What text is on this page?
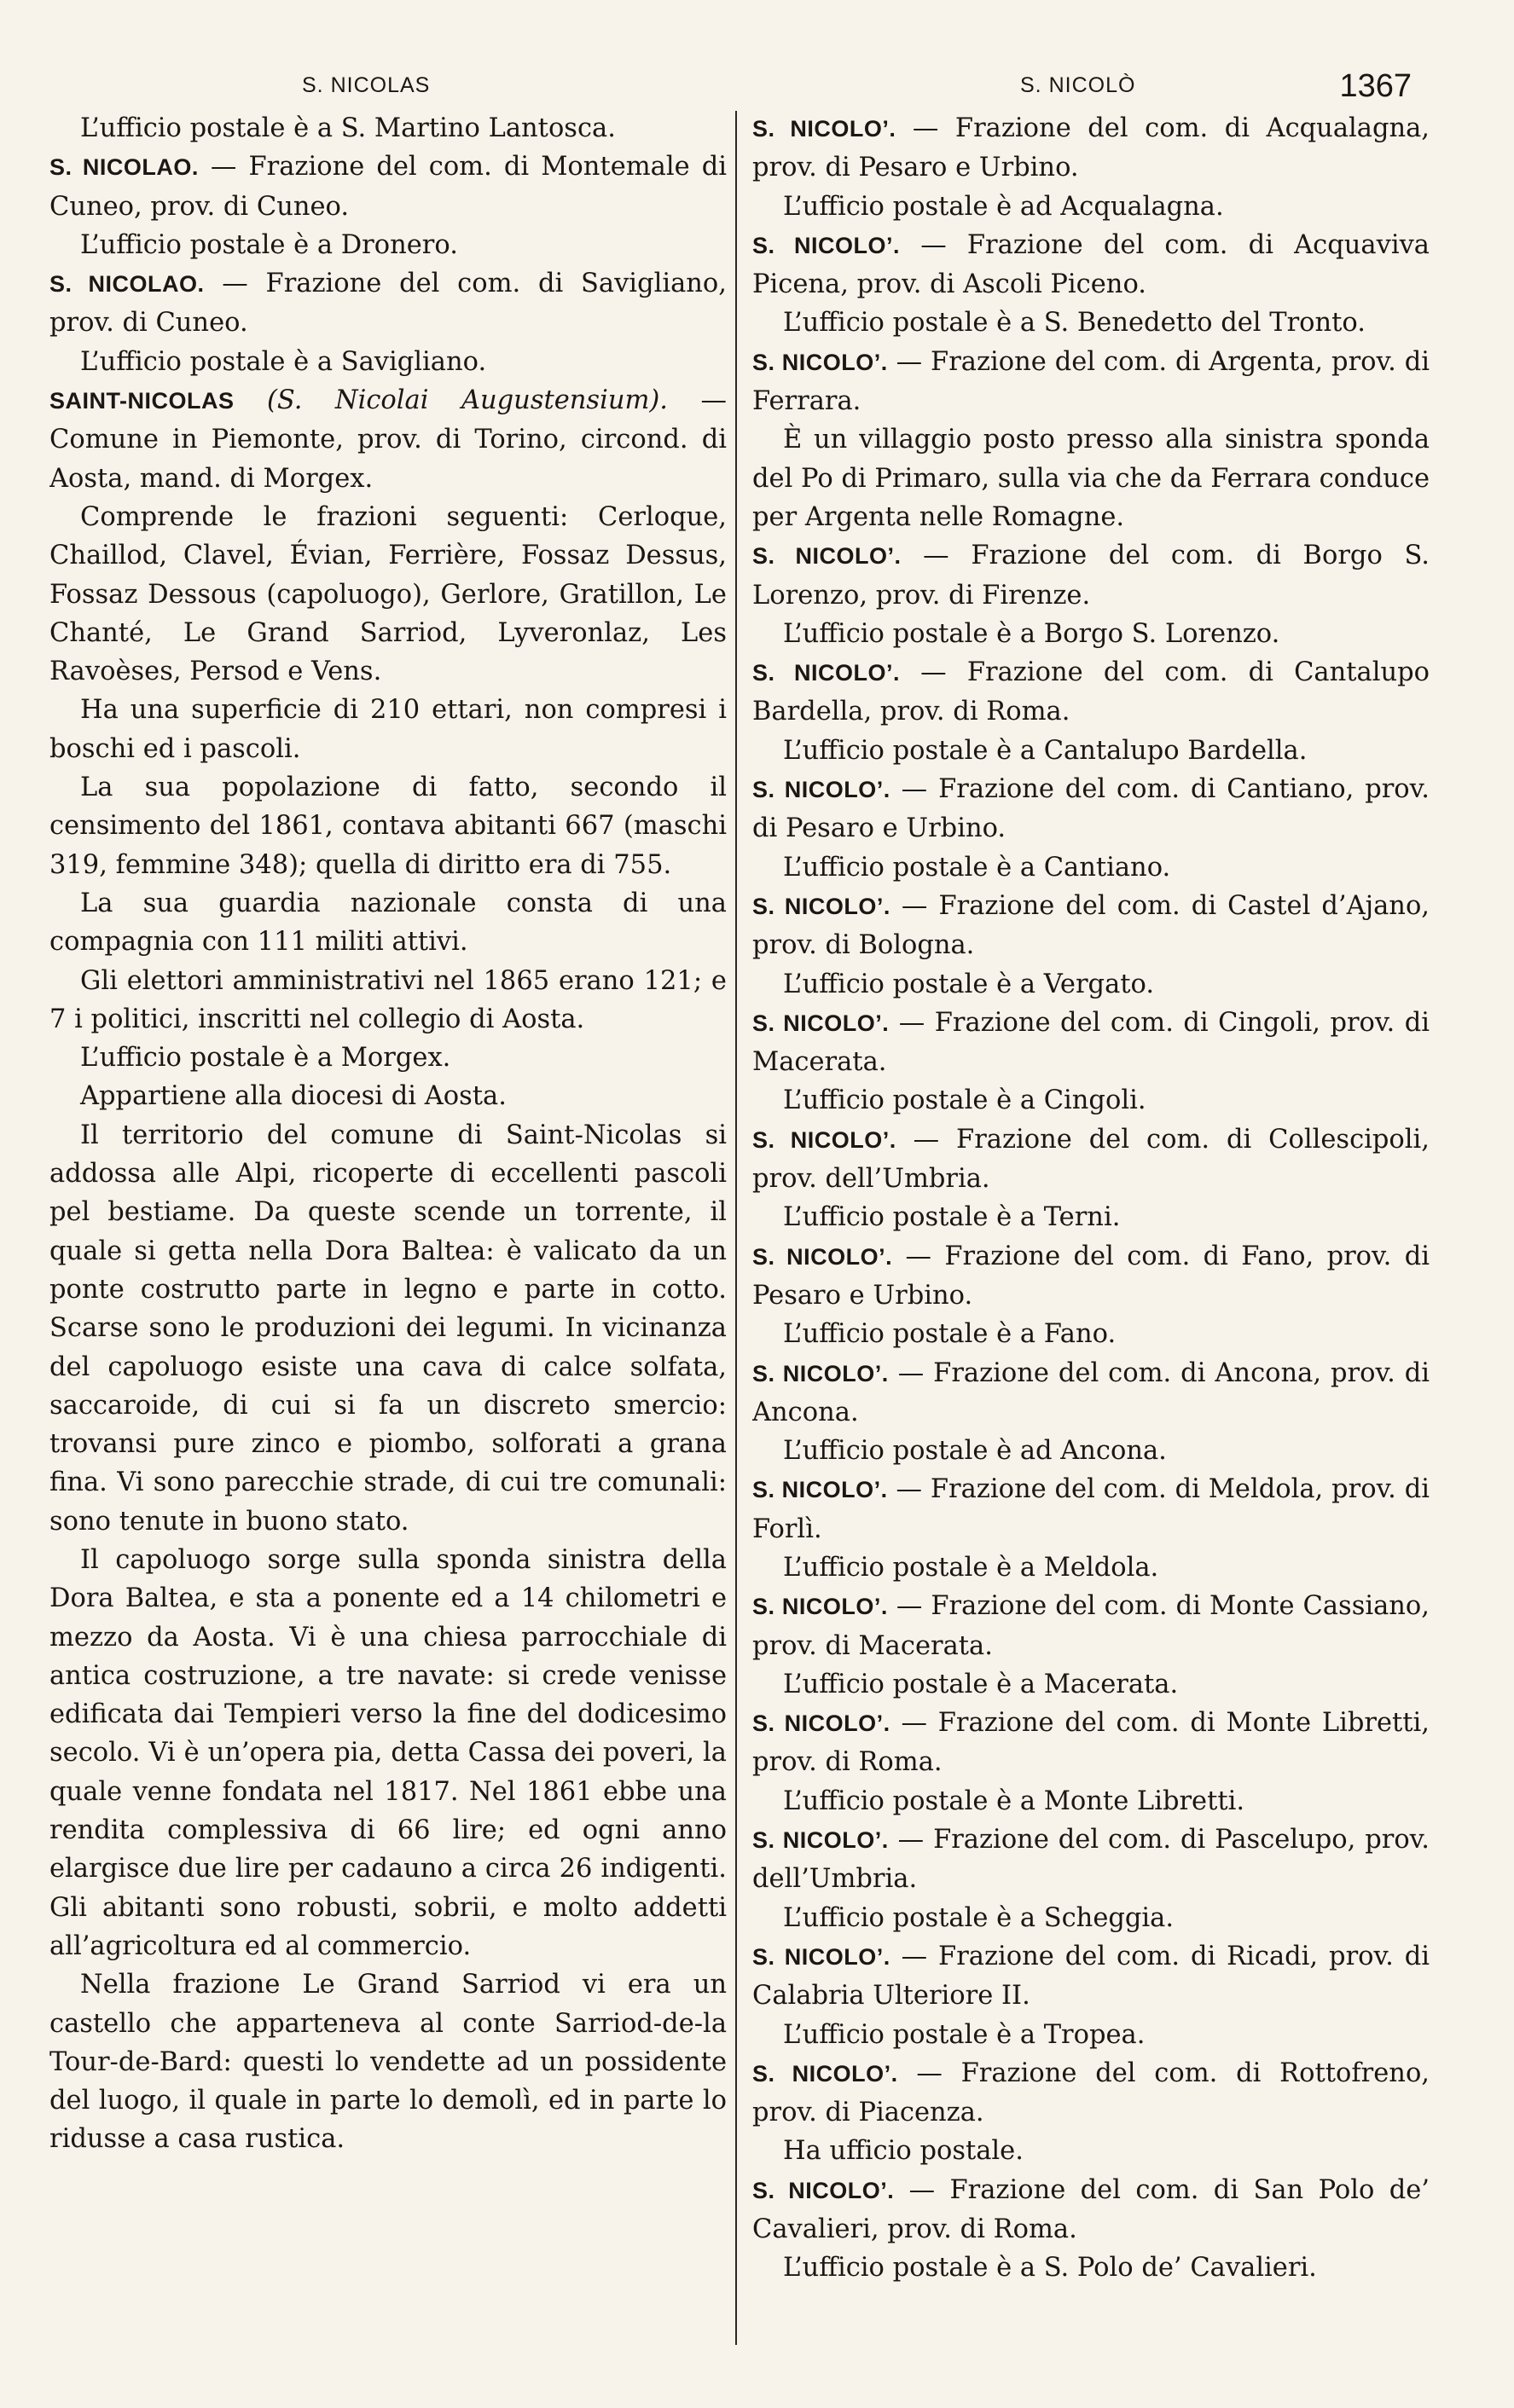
S. NICOLAS	S. NICOLÒ	1367

L’ufficio postale è a S. Martino Lantosca.

S. NICOLAO. — Frazione del com. di Montemale di Cuneo, prov. di Cuneo.

L’ufficio postale è a Dronero.

S. NICOLAO. — Frazione del com. di Savigliano, prov. di Cuneo.

L’ufficio postale è a Savigliano.

SAINT-NICOLAS (S. Nicolai Augustensium). — Comune in Piemonte, prov. di Torino, circond. di Aosta, mand. di Morgex.

Comprende le frazioni seguenti: Cerloque, Chaillod, Clavel, Évian, Ferrière, Fossaz Dessus, Fossaz Dessous (capoluogo), Gerlore, Gratillon, Le Chanté, Le Grand Sarriod, Lyveronlaz, Les Ravoèses, Persod e Vens.

Ha una superficie di 210 ettari, non compresi i boschi ed i pascoli.

La sua popolazione di fatto, secondo il censimento del 1861, contava abitanti 667 (maschi 319, femmine 348); quella di diritto era di 755.

La sua guardia nazionale consta di una compagnia con 111 militi attivi.

Gli elettori amministrativi nel 1865 erano 121; e 7 i politici, inscritti nel collegio di Aosta.

L’ufficio postale è a Morgex.

Appartiene alla diocesi di Aosta.

Il territorio del comune di Saint-Nicolas si addossa alle Alpi, ricoperte di eccellenti pascoli pel bestiame. Da queste scende un torrente, il quale si getta nella Dora Baltea: è valicato da un ponte costrutto parte in legno e parte in cotto. Scarse sono le produzioni dei legumi. In vicinanza del capoluogo esiste una cava di calce solfata, saccaroide, di cui si fa un discreto smercio: trovansi pure zinco e piombo, solforati a grana fina. Vi sono parecchie strade, di cui tre comunali: sono tenute in buono stato.

Il capoluogo sorge sulla sponda sinistra della Dora Baltea, e sta a ponente ed a 14 chilometri e mezzo da Aosta. Vi è una chiesa parrocchiale di antica costruzione, a tre navate: si crede venisse edificata dai Tempieri verso la fine del dodicesimo secolo. Vi è un’opera pia, detta Cassa dei poveri, la quale venne fondata nel 1817. Nel 1861 ebbe una rendita complessiva di 66 lire; ed ogni anno elargisce due lire per cadauno a circa 26 indigenti. Gli abitanti sono robusti, sobrii, e molto addetti all’agricoltura ed al commercio.

Nella frazione Le Grand Sarriod vi era un castello che apparteneva al conte Sarriod-de-la Tour-de-Bard: questi lo vendette ad un possidente del luogo, il quale in parte lo demolì, ed in parte lo ridusse a casa rustica.

S. NICOLO’. — Frazione del com. di Acqualagna, prov. di Pesaro e Urbino.

L’ufficio postale è ad Acqualagna.

S. NICOLO’. — Frazione del com. di Acquaviva Picena, prov. di Ascoli Piceno.

L’ufficio postale è a S. Benedetto del Tronto.

S. NICOLO’. — Frazione del com. di Argenta, prov. di Ferrara.

È un villaggio posto presso alla sinistra sponda del Po di Primaro, sulla via che da Ferrara conduce per Argenta nelle Romagne.

S. NICOLO’. — Frazione del com. di Borgo S. Lorenzo, prov. di Firenze.

L’ufficio postale è a Borgo S. Lorenzo.

S. NICOLO’. — Frazione del com. di Cantalupo Bardella, prov. di Roma.

L’ufficio postale è a Cantalupo Bardella.

S. NICOLO’. — Frazione del com. di Cantiano, prov. di Pesaro e Urbino.

L’ufficio postale è a Cantiano.

S. NICOLO’. — Frazione del com. di Castel d’Ajano, prov. di Bologna.

L’ufficio postale è a Vergato.

S. NICOLO’. — Frazione del com. di Cingoli, prov. di Macerata.

L’ufficio postale è a Cingoli.

S. NICOLO’. — Frazione del com. di Collescipoli, prov. dell’Umbria.

L’ufficio postale è a Terni.

S. NICOLO’. — Frazione del com. di Fano, prov. di Pesaro e Urbino.

L’ufficio postale è a Fano.

S. NICOLO’. — Frazione del com. di Ancona, prov. di Ancona.

L’ufficio postale è ad Ancona.

S. NICOLO’. — Frazione del com. di Meldola, prov. di Forlì.

L’ufficio postale è a Meldola.

S. NICOLO’. — Frazione del com. di Monte Cassiano, prov. di Macerata.

L’ufficio postale è a Macerata.

S. NICOLO’. — Frazione del com. di Monte Libretti, prov. di Roma.

L’ufficio postale è a Monte Libretti.

S. NICOLO’. — Frazione del com. di Pascelupo, prov. dell’Umbria.

L’ufficio postale è a Scheggia.

S. NICOLO’. — Frazione del com. di Ricadi, prov. di Calabria Ulteriore II.

L’ufficio postale è a Tropea.

S. NICOLO’. — Frazione del com. di Rottofreno, prov. di Piacenza.

Ha ufficio postale.

S. NICOLO’. — Frazione del com. di San Polo de’ Cavalieri, prov. di Roma.

L’ufficio postale è a S. Polo de’ Cavalieri.
